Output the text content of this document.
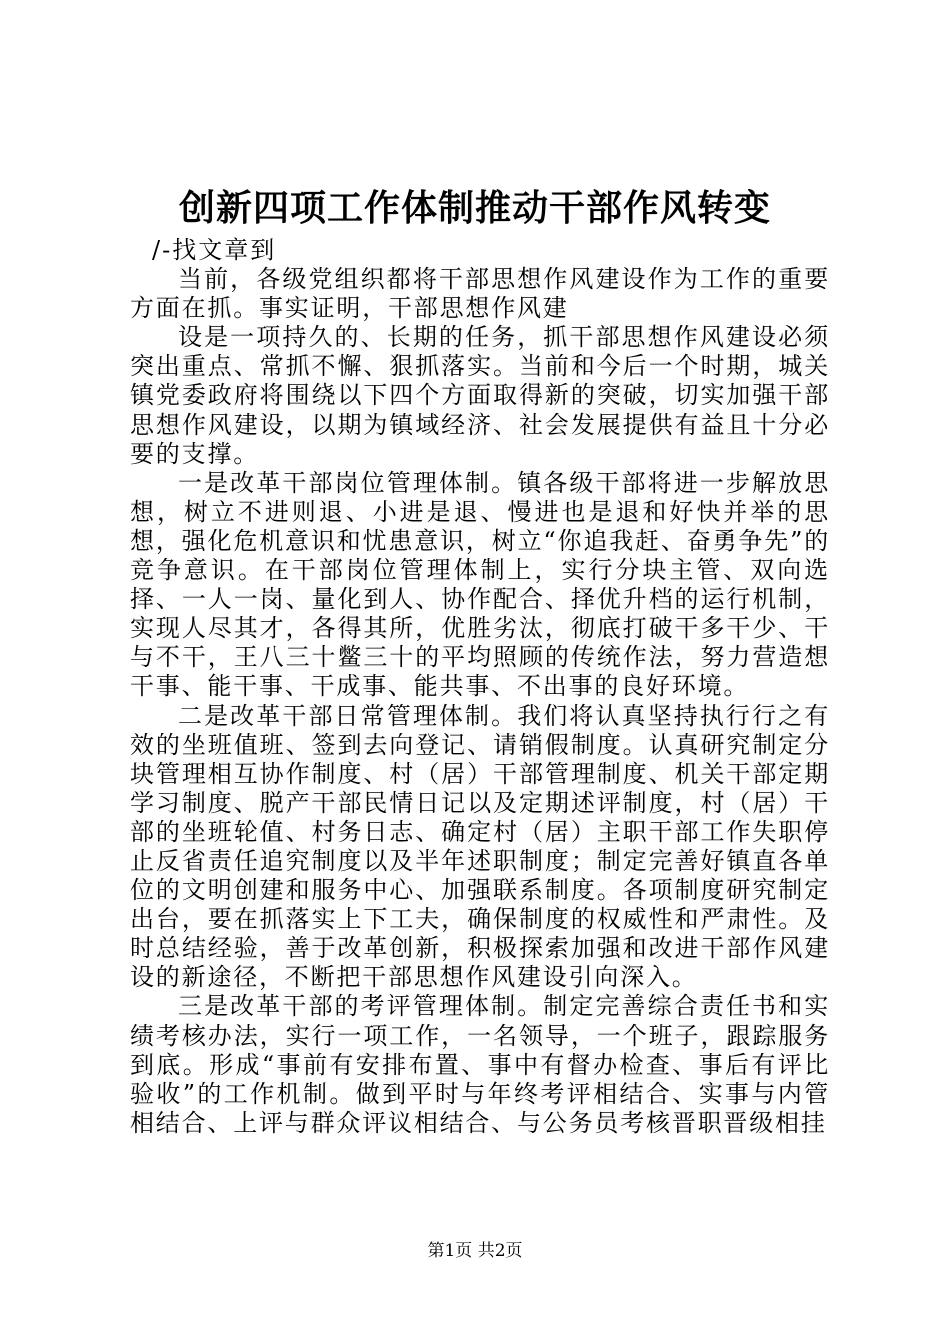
创新四项工作体制推动干部作风转变

/-找文章到

当前，各级党组织都将干部思想作风建设作为工作的重要方面在抓。事实证明，干部思想作风建

设是一项持久的、长期的任务，抓干部思想作风建设必须突出重点、常抓不懈、狠抓落实。当前和今后一个时期，城关镇党委政府将围绕以下四个方面取得新的突破，切实加强干部思想作风建设，以期为镇域经济、社会发展提供有益且十分必要的支撑。

一是改革干部岗位管理体制。镇各级干部将进一步解放思想，树立不进则退、小进是退、慢进也是退和好快并举的思想，强化危机意识和忧患意识，树立“你追我赶、奋勇争先”的竞争意识。在干部岗位管理体制上，实行分块主管、双向选择、一人一岗、量化到人、协作配合、择优升档的运行机制，实现人尽其才，各得其所，优胜劣汰，彻底打破干多干少、干与不干，王八三十鳖三十的平均照顾的传统作法，努力营造想干事、能干事、干成事、能共事、不出事的良好环境。

二是改革干部日常管理体制。我们将认真坚持执行行之有效的坐班值班、签到去向登记、请销假制度。认真研究制定分块管理相互协作制度、村（居）干部管理制度、机关干部定期学习制度、脱产干部民情日记以及定期述评制度，村（居）干部的坐班轮值、村务日志、确定村（居）主职干部工作失职停止反省责任追究制度以及半年述职制度；制定完善好镇直各单位的文明创建和服务中心、加强联系制度。各项制度研究制定出台，要在抓落实上下工夫，确保制度的权威性和严肃性。及时总结经验，善于改革创新，积极探索加强和改进干部作风建设的新途径，不断把干部思想作风建设引向深入。

三是改革干部的考评管理体制。制定完善综合责任书和实绩考核办法，实行一项工作，一名领导，一个班子，跟踪服务到底。形成“事前有安排布置、事中有督办检查、事后有评比验收”的工作机制。做到平时与年终考评相结合、实事与内管相结合、上评与群众评议相结合、与公务员考核晋职晋级相挂

第1页 共2页
